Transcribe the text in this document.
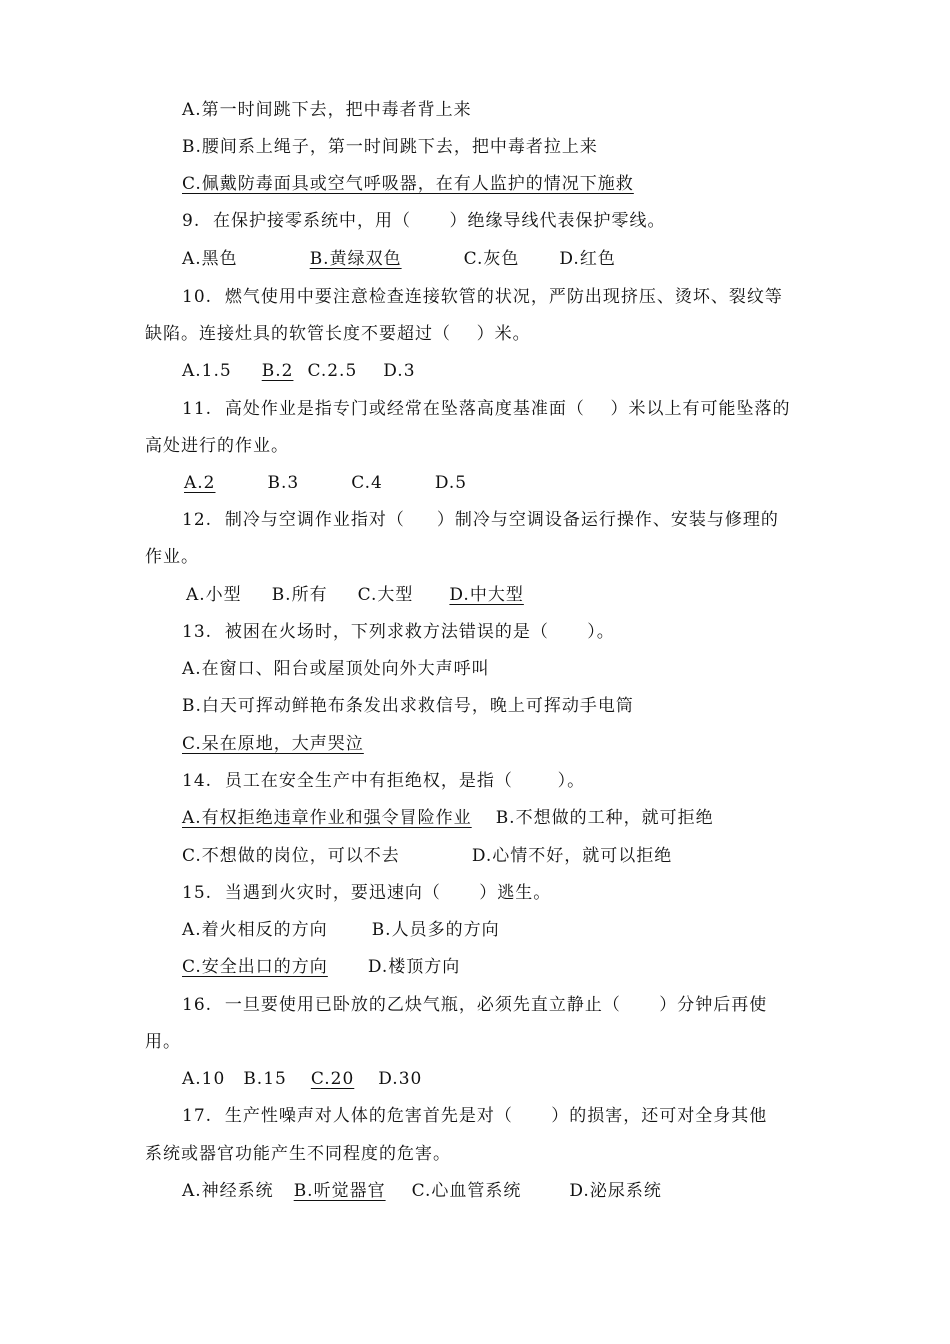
A.第一时间跳下去，把中毒者背上来
B.腰间系上绳子，第一时间跳下去，把中毒者拉上来
C.佩戴防毒面具或空气呼吸器，在有人监护的情况下施救
9.  在保护接零系统中，用（      ）绝缘导线代表保护零线。
A.黑色	B.黄绿双色	C.灰色 D.红色
10.  燃气使用中要注意检查连接软管的状况，严防出现挤压、烫坏、裂纹等
缺陷。连接灶具的软管长度不要超过（    ）米。
A.1.5 B.2 C.2.5 D.3
11.  高处作业是指专门或经常在坠落高度基准面（    ）米以上有可能坠落的
高处进行的作业。
A.2	B.3	C.4	D.5
12.  制冷与空调作业指对（     ）制冷与空调设备运行操作、安装与修理的
作业。
A.小型 B.所有 C.大型 D.中大型
13.  被困在火场时，下列求救方法错误的是（      ）。
A.在窗口、阳台或屋顶处向外大声呼叫
B.白天可挥动鲜艳布条发出求救信号，晚上可挥动手电筒
C.呆在原地，大声哭泣
14.  员工在安全生产中有拒绝权，是指（       ）。
A.有权拒绝违章作业和强令冒险作业 B.不想做的工种，就可拒绝
C.不想做的岗位，可以不去	D.心情不好，就可以拒绝
15.  当遇到火灾时，要迅速向（      ）逃生。
A.着火相反的方向	B.人员多的方向
C.安全出口的方向 D.楼顶方向
16.  一旦要使用已卧放的乙炔气瓶，必须先直立静止（      ）分钟后再使
用。
A.10 B.15 C.20 D.30
17.  生产性噪声对人体的危害首先是对（      ）的损害，还可对全身其他
系统或器官功能产生不同程度的危害。
A.神经系统 B.听觉器官 C.心血管系统	D.泌尿系统
